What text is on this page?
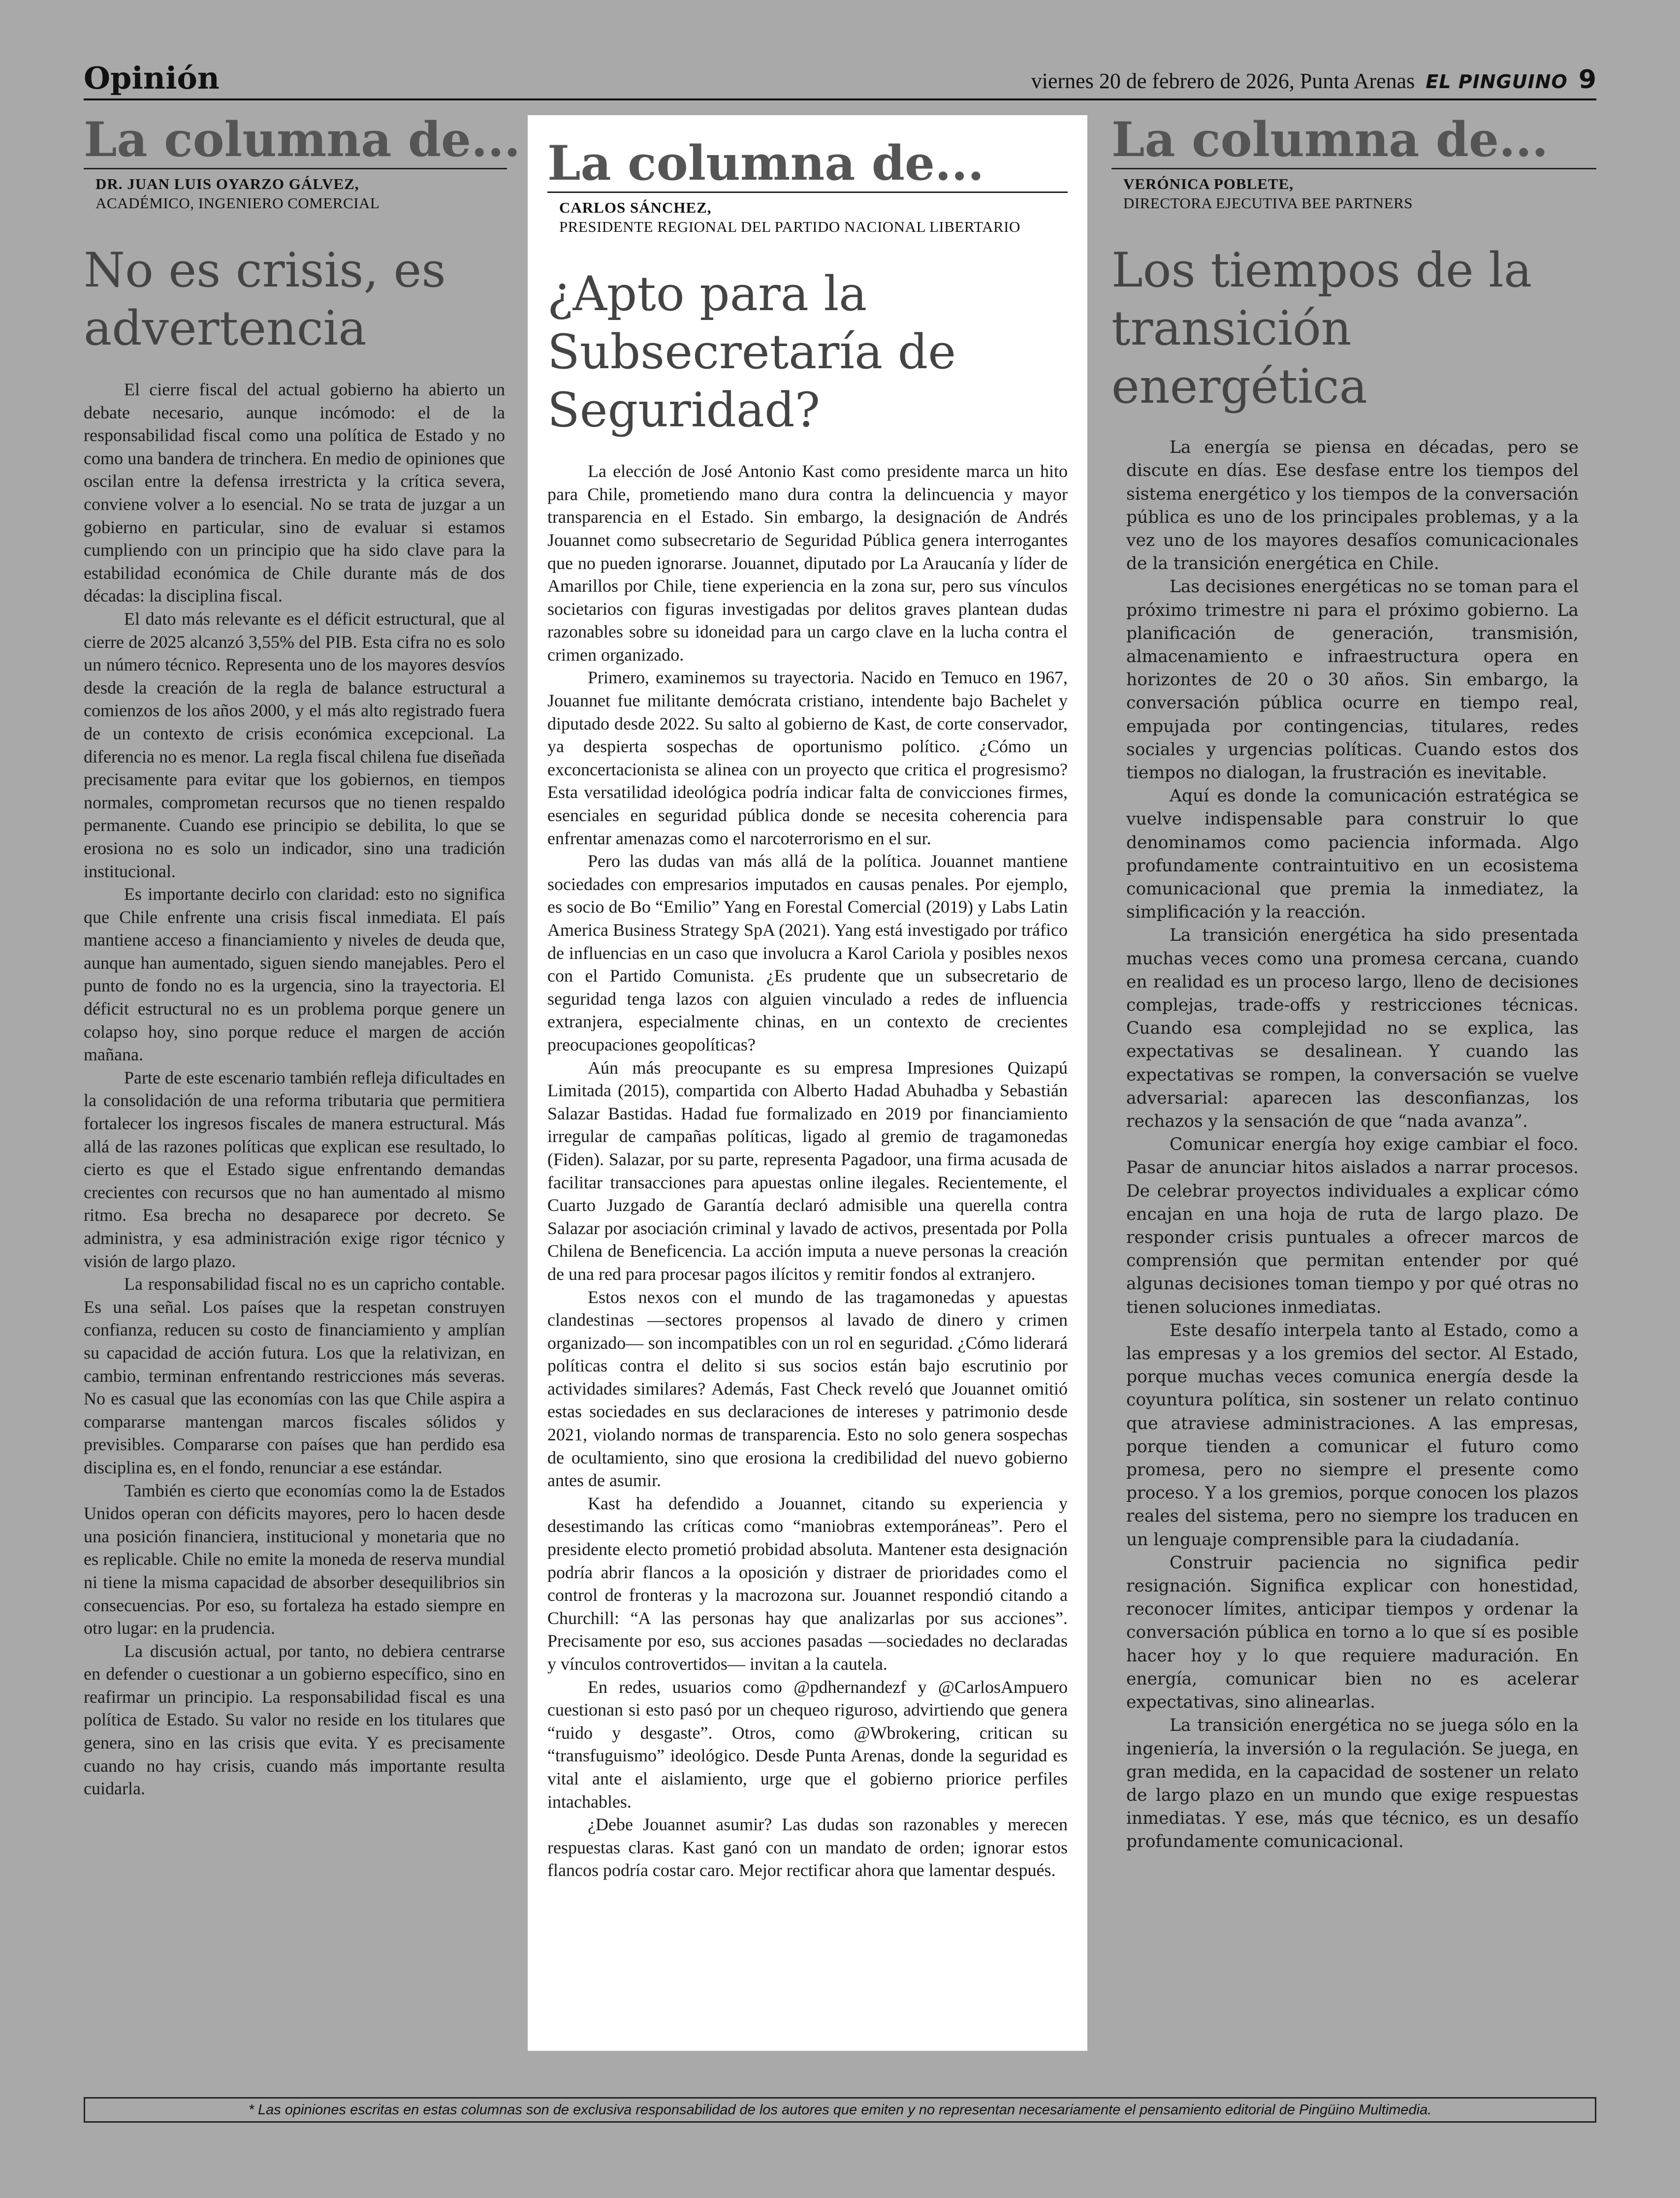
Opinión	viernes 20 de febrero de 2026, Punta Arenas EL PINGUINO 9
La columna de...
DR. JUAN LUIS OYARZO GÁLVEZ,
ACADÉMICO, INGENIERO COMERCIAL
No es crisis, es advertencia

El cierre fiscal del actual gobierno ha abierto un debate necesario, aunque incómodo: el de la responsabilidad fiscal como una política de Estado y no como una bandera de trinchera. En medio de opiniones que oscilan entre la defensa irrestricta y la crítica severa, conviene volver a lo esencial. No se trata de juzgar a un gobierno en particular, sino de evaluar si estamos cumpliendo con un principio que ha sido clave para la estabilidad económica de Chile durante más de dos décadas: la disciplina fiscal.

El dato más relevante es el déficit estructural, que al cierre de 2025 alcanzó 3,55% del PIB. Esta cifra no es solo un número técnico. Representa uno de los mayores desvíos desde la creación de la regla de balance estructural a comienzos de los años 2000, y el más alto registrado fuera de un contexto de crisis económica excepcional. La diferencia no es menor. La regla fiscal chilena fue diseñada precisamente para evitar que los gobiernos, en tiempos normales, comprometan recursos que no tienen respaldo permanente. Cuando ese principio se debilita, lo que se erosiona no es solo un indicador, sino una tradición institucional.

Es importante decirlo con claridad: esto no significa que Chile enfrente una crisis fiscal inmediata. El país mantiene acceso a financiamiento y niveles de deuda que, aunque han aumentado, siguen siendo manejables. Pero el punto de fondo no es la urgencia, sino la trayectoria. El déficit estructural no es un problema porque genere un colapso hoy, sino porque reduce el margen de acción mañana.

Parte de este escenario también refleja dificultades en la consolidación de una reforma tributaria que permitiera fortalecer los ingresos fiscales de manera estructural. Más allá de las razones políticas que explican ese resultado, lo cierto es que el Estado sigue enfrentando demandas crecientes con recursos que no han aumentado al mismo ritmo. Esa brecha no desaparece por decreto. Se administra, y esa administración exige rigor técnico y visión de largo plazo.

La responsabilidad fiscal no es un capricho contable. Es una señal. Los países que la respetan construyen confianza, reducen su costo de financiamiento y amplían su capacidad de acción futura. Los que la relativizan, en cambio, terminan enfrentando restricciones más severas. No es casual que las economías con las que Chile aspira a compararse mantengan marcos fiscales sólidos y previsibles. Compararse con países que han perdido esa disciplina es, en el fondo, renunciar a ese estándar.

También es cierto que economías como la de Estados Unidos operan con déficits mayores, pero lo hacen desde una posición financiera, institucional y monetaria que no es replicable. Chile no emite la moneda de reserva mundial ni tiene la misma capacidad de absorber desequilibrios sin consecuencias. Por eso, su fortaleza ha estado siempre en otro lugar: en la prudencia.

La discusión actual, por tanto, no debiera centrarse en defender o cuestionar a un gobierno específico, sino en reafirmar un principio. La responsabilidad fiscal es una política de Estado. Su valor no reside en los titulares que genera, sino en las crisis que evita. Y es precisamente cuando no hay crisis, cuando más importante resulta cuidarla.

La columna de...
CARLOS SÁNCHEZ,
PRESIDENTE REGIONAL DEL PARTIDO NACIONAL LIBERTARIO
¿Apto para la Subsecretaría de Seguridad?

La elección de José Antonio Kast como presidente marca un hito para Chile, prometiendo mano dura contra la delincuencia y mayor transparencia en el Estado. Sin embargo, la designación de Andrés Jouannet como subsecretario de Seguridad Pública genera interrogantes que no pueden ignorarse. Jouannet, diputado por La Araucanía y líder de Amarillos por Chile, tiene experiencia en la zona sur, pero sus vínculos societarios con figuras investigadas por delitos graves plantean dudas razonables sobre su idoneidad para un cargo clave en la lucha contra el crimen organizado.

Primero, examinemos su trayectoria. Nacido en Temuco en 1967, Jouannet fue militante demócrata cristiano, intendente bajo Bachelet y diputado desde 2022. Su salto al gobierno de Kast, de corte conservador, ya despierta sospechas de oportunismo político. ¿Cómo un exconcertacionista se alinea con un proyecto que critica el progresismo? Esta versatilidad ideológica podría indicar falta de convicciones firmes, esenciales en seguridad pública donde se necesita coherencia para enfrentar amenazas como el narcoterrorismo en el sur.

Pero las dudas van más allá de la política. Jouannet mantiene sociedades con empresarios imputados en causas penales. Por ejemplo, es socio de Bo “Emilio” Yang en Forestal Comercial (2019) y Labs Latin America Business Strategy SpA (2021). Yang está investigado por tráfico de influencias en un caso que involucra a Karol Cariola y posibles nexos con el Partido Comunista. ¿Es prudente que un subsecretario de seguridad tenga lazos con alguien vinculado a redes de influencia extranjera, especialmente chinas, en un contexto de crecientes preocupaciones geopolíticas?

Aún más preocupante es su empresa Impresiones Quizapú Limitada (2015), compartida con Alberto Hadad Abuhadba y Sebastián Salazar Bastidas. Hadad fue formalizado en 2019 por financiamiento irregular de campañas políticas, ligado al gremio de tragamonedas (Fiden). Salazar, por su parte, representa Pagadoor, una firma acusada de facilitar transacciones para apuestas online ilegales. Recientemente, el Cuarto Juzgado de Garantía declaró admisible una querella contra Salazar por asociación criminal y lavado de activos, presentada por Polla Chilena de Beneficencia. La acción imputa a nueve personas la creación de una red para procesar pagos ilícitos y remitir fondos al extranjero.

Estos nexos con el mundo de las tragamonedas y apuestas clandestinas —sectores propensos al lavado de dinero y crimen organizado— son incompatibles con un rol en seguridad. ¿Cómo liderará políticas contra el delito si sus socios están bajo escrutinio por actividades similares? Además, Fast Check reveló que Jouannet omitió estas sociedades en sus declaraciones de intereses y patrimonio desde 2021, violando normas de transparencia. Esto no solo genera sospechas de ocultamiento, sino que erosiona la credibilidad del nuevo gobierno antes de asumir.

Kast ha defendido a Jouannet, citando su experiencia y desestimando las críticas como “maniobras extemporáneas”. Pero el presidente electo prometió probidad absoluta. Mantener esta designación podría abrir flancos a la oposición y distraer de prioridades como el control de fronteras y la macrozona sur. Jouannet respondió citando a Churchill: “A las personas hay que analizarlas por sus acciones”. Precisamente por eso, sus acciones pasadas —sociedades no declaradas y vínculos controvertidos— invitan a la cautela.

En redes, usuarios como @pdhernandezf y @CarlosAmpuero cuestionan si esto pasó por un chequeo riguroso, advirtiendo que genera “ruido y desgaste”. Otros, como @Wbrokering, critican su “transfuguismo” ideológico. Desde Punta Arenas, donde la seguridad es vital ante el aislamiento, urge que el gobierno priorice perfiles intachables.

¿Debe Jouannet asumir? Las dudas son razonables y merecen respuestas claras. Kast ganó con un mandato de orden; ignorar estos flancos podría costar caro. Mejor rectificar ahora que lamentar después.

La columna de...
VERÓNICA POBLETE,
DIRECTORA EJECUTIVA BEE PARTNERS
Los tiempos de la transición energética

La energía se piensa en décadas, pero se discute en días. Ese desfase entre los tiempos del sistema energético y los tiempos de la conversación pública es uno de los principales problemas, y a la vez uno de los mayores desafíos comunicacionales de la transición energética en Chile.

Las decisiones energéticas no se toman para el próximo trimestre ni para el próximo gobierno. La planificación de generación, transmisión, almacenamiento e infraestructura opera en horizontes de 20 o 30 años. Sin embargo, la conversación pública ocurre en tiempo real, empujada por contingencias, titulares, redes sociales y urgencias políticas. Cuando estos dos tiempos no dialogan, la frustración es inevitable.

Aquí es donde la comunicación estratégica se vuelve indispensable para construir lo que denominamos como paciencia informada. Algo profundamente contraintuitivo en un ecosistema comunicacional que premia la inmediatez, la simplificación y la reacción.

La transición energética ha sido presentada muchas veces como una promesa cercana, cuando en realidad es un proceso largo, lleno de decisiones complejas, trade-offs y restricciones técnicas. Cuando esa complejidad no se explica, las expectativas se desalinean. Y cuando las expectativas se rompen, la conversación se vuelve adversarial: aparecen las desconfianzas, los rechazos y la sensación de que “nada avanza”.

Comunicar energía hoy exige cambiar el foco. Pasar de anunciar hitos aislados a narrar procesos. De celebrar proyectos individuales a explicar cómo encajan en una hoja de ruta de largo plazo. De responder crisis puntuales a ofrecer marcos de comprensión que permitan entender por qué algunas decisiones toman tiempo y por qué otras no tienen soluciones inmediatas.

Este desafío interpela tanto al Estado, como a las empresas y a los gremios del sector. Al Estado, porque muchas veces comunica energía desde la coyuntura política, sin sostener un relato continuo que atraviese administraciones. A las empresas, porque tienden a comunicar el futuro como promesa, pero no siempre el presente como proceso. Y a los gremios, porque conocen los plazos reales del sistema, pero no siempre los traducen en un lenguaje comprensible para la ciudadanía.

Construir paciencia no significa pedir resignación. Significa explicar con honestidad, reconocer límites, anticipar tiempos y ordenar la conversación pública en torno a lo que sí es posible hacer hoy y lo que requiere maduración. En energía, comunicar bien no es acelerar expectativas, sino alinearlas.

La transición energética no se juega sólo en la ingeniería, la inversión o la regulación. Se juega, en gran medida, en la capacidad de sostener un relato de largo plazo en un mundo que exige respuestas inmediatas. Y ese, más que técnico, es un desafío profundamente comunicacional.

* Las opiniones escritas en estas columnas son de exclusiva responsabilidad de los autores que emiten y no representan necesariamente el pensamiento editorial de Pingüino Multimedia.
